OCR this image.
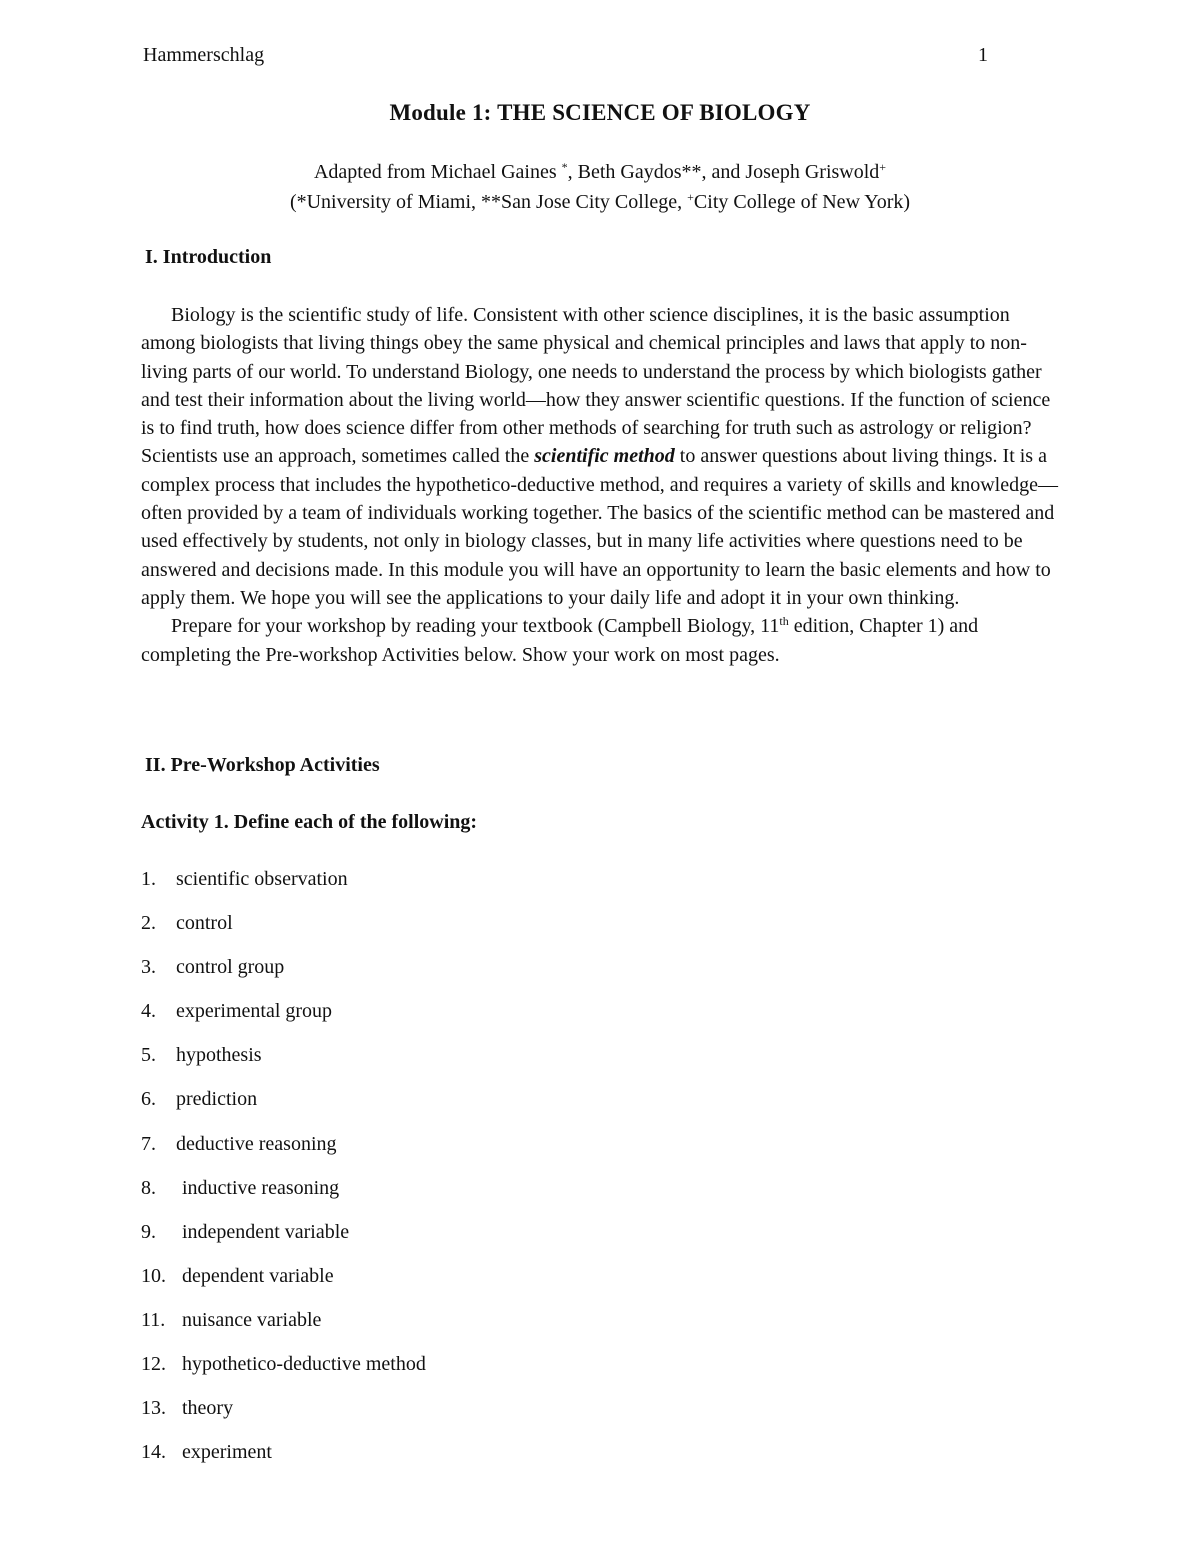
Hammerschlag	1
Module 1: THE SCIENCE OF BIOLOGY
Adapted from Michael Gaines *, Beth Gaydos**, and Joseph Griswold+
(*University of Miami, **San Jose City College, +City College of New York)
I. Introduction

Biology is the scientific study of life. Consistent with other science disciplines, it is the basic assumption among biologists that living things obey the same physical and chemical principles and laws that apply to non-living parts of our world. To understand Biology, one needs to understand the process by which biologists gather and test their information about the living world—how they answer scientific questions. If the function of science is to find truth, how does science differ from other methods of searching for truth such as astrology or religion? Scientists use an approach, sometimes called the scientific method to answer questions about living things. It is a complex process that includes the hypothetico-deductive method, and requires a variety of skills and knowledge—often provided by a team of individuals working together. The basics of the scientific method can be mastered and used effectively by students, not only in biology classes, but in many life activities where questions need to be answered and decisions made. In this module you will have an opportunity to learn the basic elements and how to apply them. We hope you will see the applications to your daily life and adopt it in your own thinking.

Prepare for your workshop by reading your textbook (Campbell Biology, 11th edition, Chapter 1) and completing the Pre-workshop Activities below. Show your work on most pages.

II. Pre-Workshop Activities
Activity 1. Define each of the following:
1. scientific observation
2. control
3. control group
4. experimental group
5. hypothesis
6. prediction
7. deductive reasoning
8. inductive reasoning
9. independent variable
10. dependent variable
11. nuisance variable
12. hypothetico-deductive method
13. theory
14. experiment
